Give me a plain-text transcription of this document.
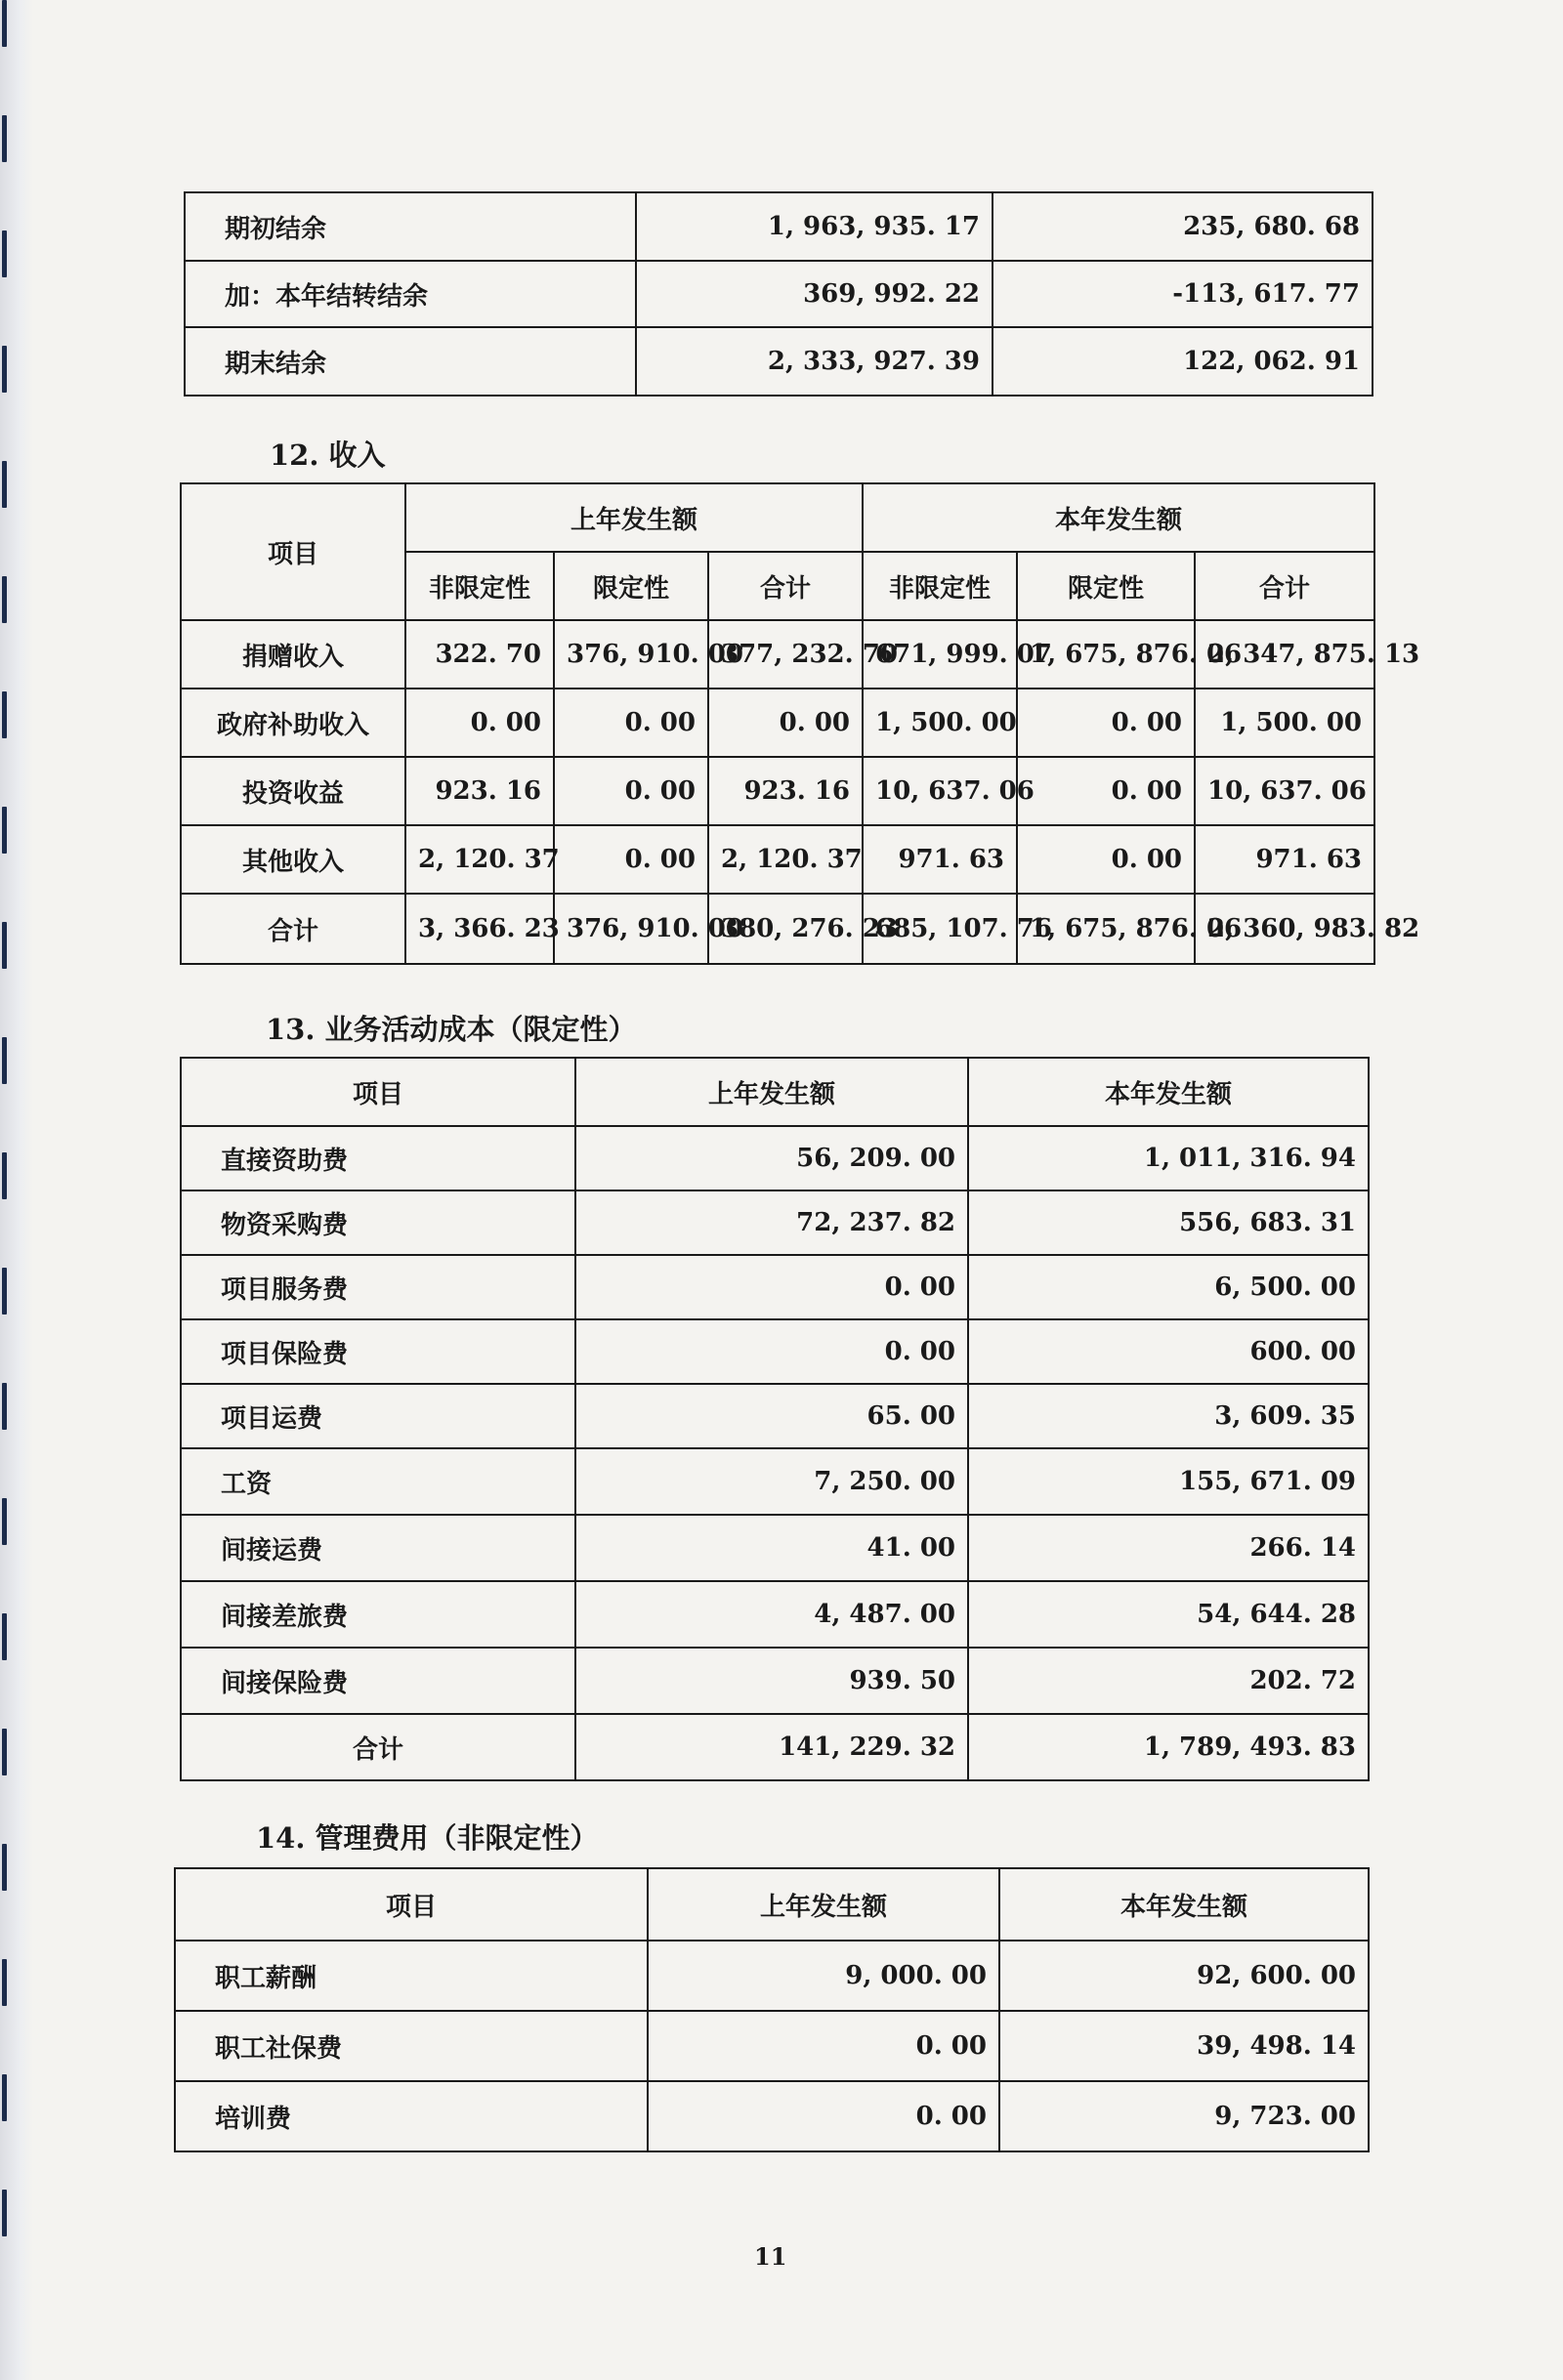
期初结余	1, 963, 935. 17	235, 680. 68
加：本年结转结余	369, 992. 22	-113, 617. 77
期末结余	2, 333, 927. 39	122, 062. 91
12. 收入
项目	上年发生额			本年发生额		
	非限定性	限定性	合计	非限定性	限定性	合计
捐赠收入	322. 70	376, 910. 00	377, 232. 70	671, 999. 07	1, 675, 876. 06	2, 347, 875. 13
政府补助收入	0. 00	0. 00	0. 00	1, 500. 00	0. 00	1, 500. 00
投资收益	923. 16	0. 00	923. 16	10, 637. 06	0. 00	10, 637. 06
其他收入	2, 120. 37	0. 00	2, 120. 37	971. 63	0. 00	971. 63
合计	3, 366. 23	376, 910. 00	380, 276. 23	685, 107. 76	1, 675, 876. 06	2, 360, 983. 82
13. 业务活动成本（限定性）
项目	上年发生额	本年发生额
直接资助费	56, 209. 00	1, 011, 316. 94
物资采购费	72, 237. 82	556, 683. 31
项目服务费	0. 00	6, 500. 00
项目保险费	0. 00	600. 00
项目运费	65. 00	3, 609. 35
工资	7, 250. 00	155, 671. 09
间接运费	41. 00	266. 14
间接差旅费	4, 487. 00	54, 644. 28
间接保险费	939. 50	202. 72
合计	141, 229. 32	1, 789, 493. 83
14. 管理费用（非限定性）
项目	上年发生额	本年发生额
职工薪酬	9, 000. 00	92, 600. 00
职工社保费	0. 00	39, 498. 14
培训费	0. 00	9, 723. 00
11
